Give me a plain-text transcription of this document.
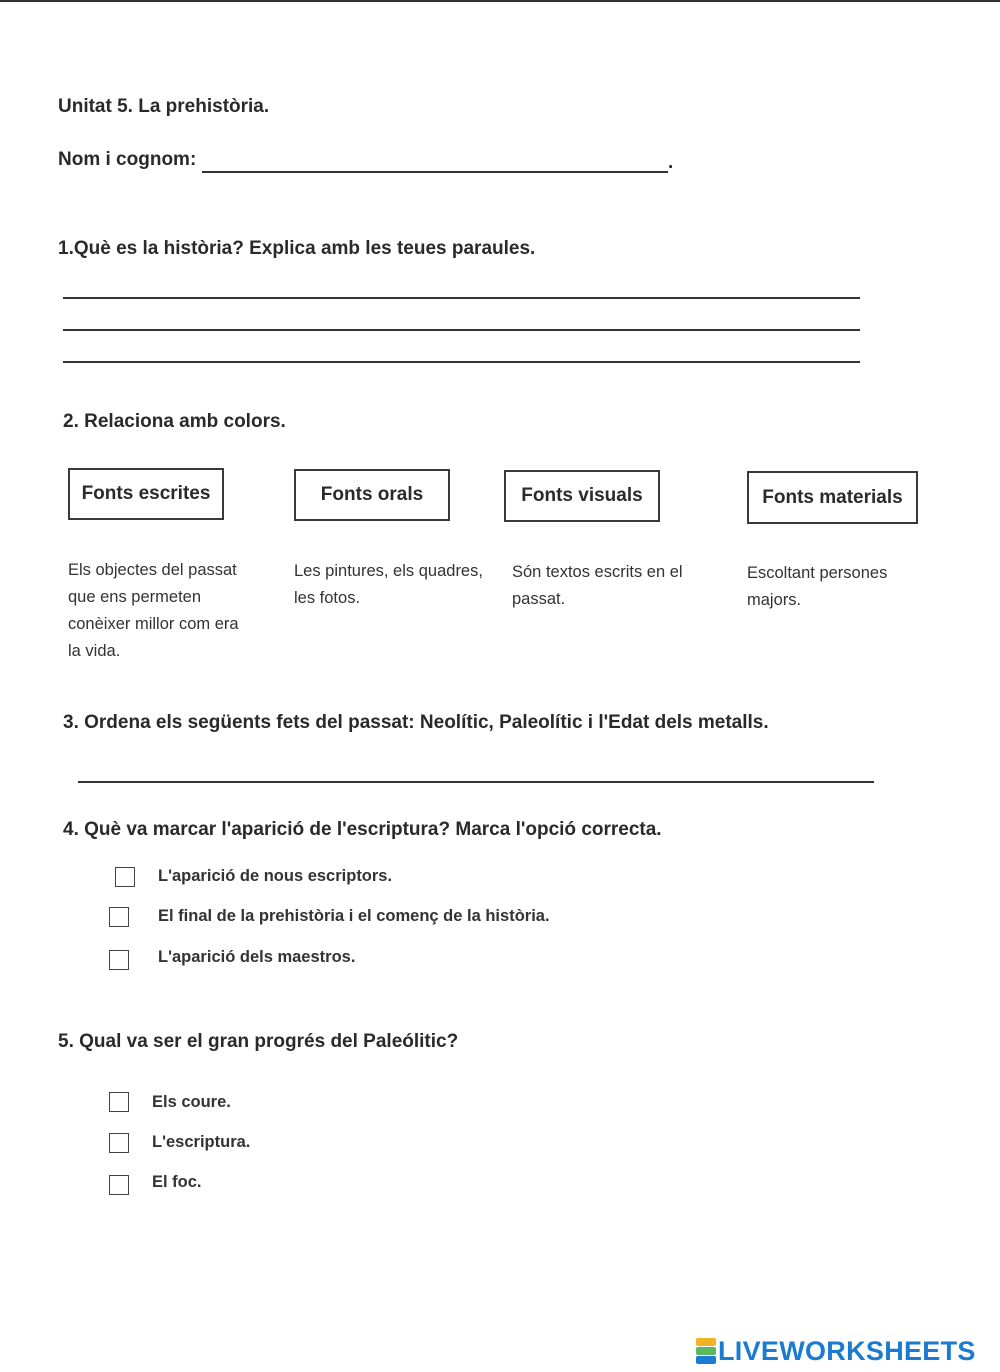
Unitat 5. La prehistòria.
Nom i cognom:	.
1.Què es la història? Explica amb les teues paraules.
2. Relaciona amb colors.
Fonts escrites	Fonts orals	Fonts visuals	Fonts materials
Els objectes del passat
que ens permeten
conèixer millor com era
la vida.
Les pintures, els quadres,
les fotos.
Són textos escrits en el
passat.
Escoltant persones
majors.
3. Ordena els següents fets del passat: Neolític, Paleolític i l'Edat dels metalls.
4. Què va marcar l'aparició de l'escriptura? Marca l'opció correcta.
L'aparició de nous escriptors.
El final de la prehistòria i el començ de la història.
L'aparició dels maestros.
5. Qual va ser el gran progrés del Paleólitic?
Els coure.
L'escriptura.
El foc.
LIVEWORKSHEETS
